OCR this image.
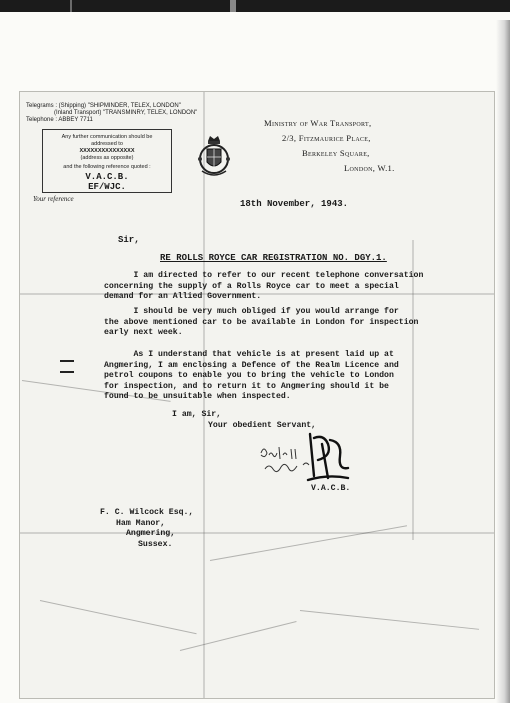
Telegrams : (Shipping) "SHIPMINDER, TELEX, LONDON"
(Inland Transport) "TRANSMINRY, TELEX, LONDON"
Telephone : ABBEY 7711
Any further communication should be
addressed to
XXXXXXXXXXXXXXX
(address as opposite)
and the following reference quoted :
V.A.C.B.
EF/WJC.
Ministry of War Transport,
2/3, Fitzmaurice Place,
Berkeley Square,
London, W.1.
Your reference	18th November, 1943.
Sir,
RE ROLLS ROYCE CAR REGISTRATION NO. DGY.1.
I am directed to refer to our recent telephone conversation
concerning the supply of a Rolls Royce car to meet a special
demand for an Allied Government.
I should be very much obliged if you would arrange for
the above mentioned car to be available in London for inspection
early next week.
As I understand that vehicle is at present laid up at
Angmering, I am enclosing a Defence of the Realm Licence and
petrol coupons to enable you to bring the vehicle to London
for inspection, and to return it to Angmering should it be
found to be unsuitable when inspected.
I am, Sir,
Your obedient Servant,
V.A.C.B.
F. C. Wilcock Esq.,
Ham Manor,
Angmering,
Sussex.
